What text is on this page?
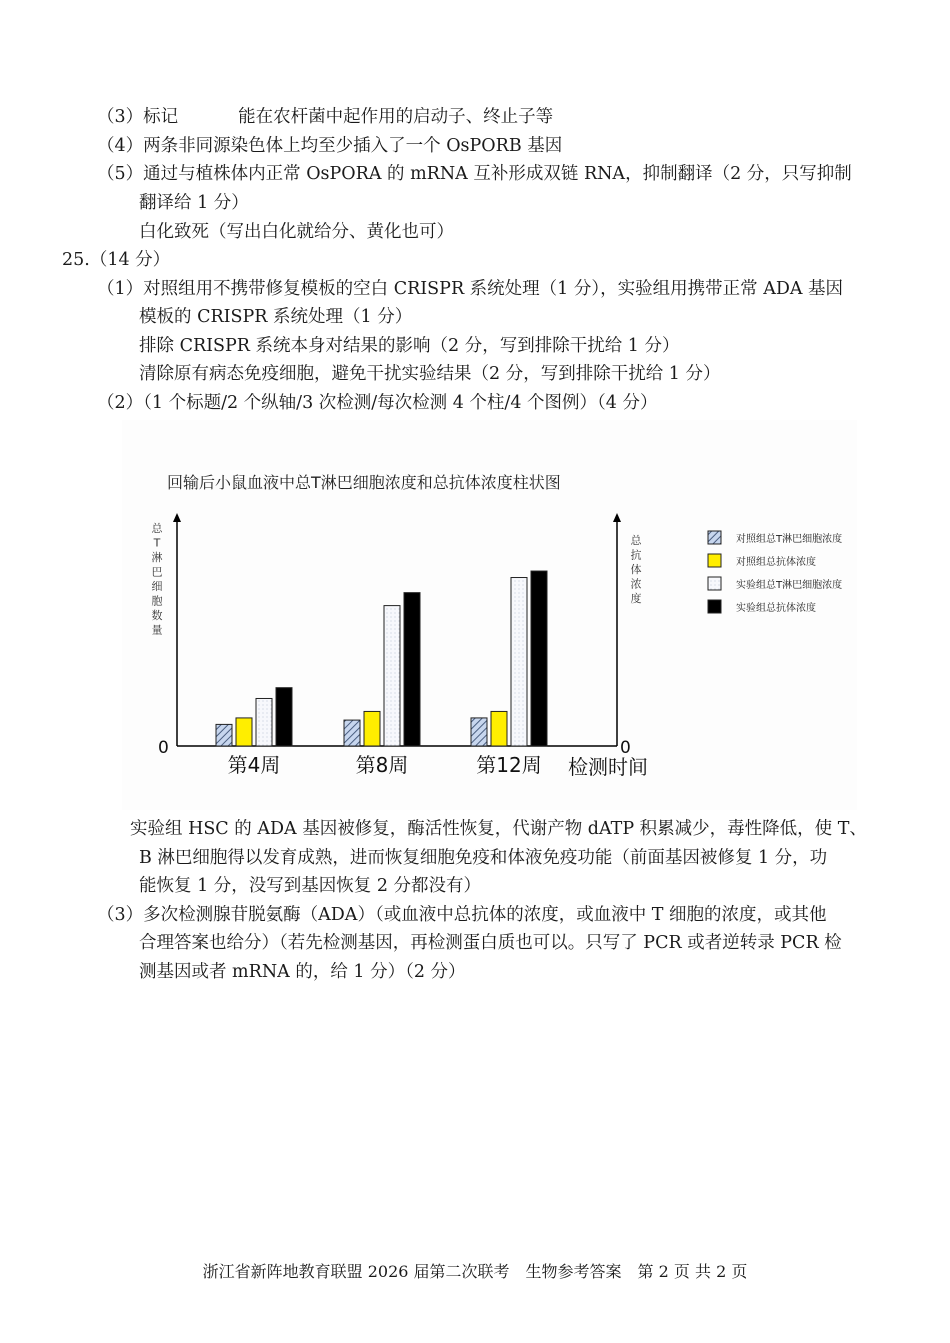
（3）标记	能在农杆菌中起作用的启动子、终止子等
（4）两条非同源染色体上均至少插入了一个 OsPORB 基因
（5）通过与植株体内正常 OsPORA 的 mRNA 互补形成双链 RNA，抑制翻译（2 分，只写抑制
翻译给 1 分）
白化致死（写出白化就给分、黄化也可）
25.（14 分）
（1）对照组用不携带修复模板的空白 CRISPR 系统处理（1 分），实验组用携带正常 ADA 基因
模板的 CRISPR 系统处理（1 分）
排除 CRISPR 系统本身对结果的影响（2 分，写到排除干扰给 1 分）
清除原有病态免疫细胞，避免干扰实验结果（2 分，写到排除干扰给 1 分）
（2）（1 个标题/2 个纵轴/3 次检测/每次检测 4 个柱/4 个图例）（4 分）
回输后小鼠血液中总T淋巴细胞浓度和总抗体浓度柱状图
总
T
淋
巴
细
胞
数
量
总
抗
体
浓
度
0	0
第4周	第8周	第12周 检测时间
对照组总T淋巴细胞浓度
对照组总抗体浓度
实验组总T淋巴细胞浓度
实验组总抗体浓度
实验组 HSC 的 ADA 基因被修复，酶活性恢复，代谢产物 dATP 积累减少，毒性降低，使 T、
B 淋巴细胞得以发育成熟，进而恢复细胞免疫和体液免疫功能（前面基因被修复 1 分，功
能恢复 1 分，没写到基因恢复 2 分都没有）
（3）多次检测腺苷脱氨酶（ADA）（或血液中总抗体的浓度，或血液中 T 细胞的浓度，或其他
合理答案也给分）（若先检测基因，再检测蛋白质也可以。只写了 PCR 或者逆转录 PCR 检
测基因或者 mRNA 的，给 1 分）（2 分）
浙江省新阵地教育联盟 2026 届第二次联考　生物参考答案　第 2 页 共 2 页
